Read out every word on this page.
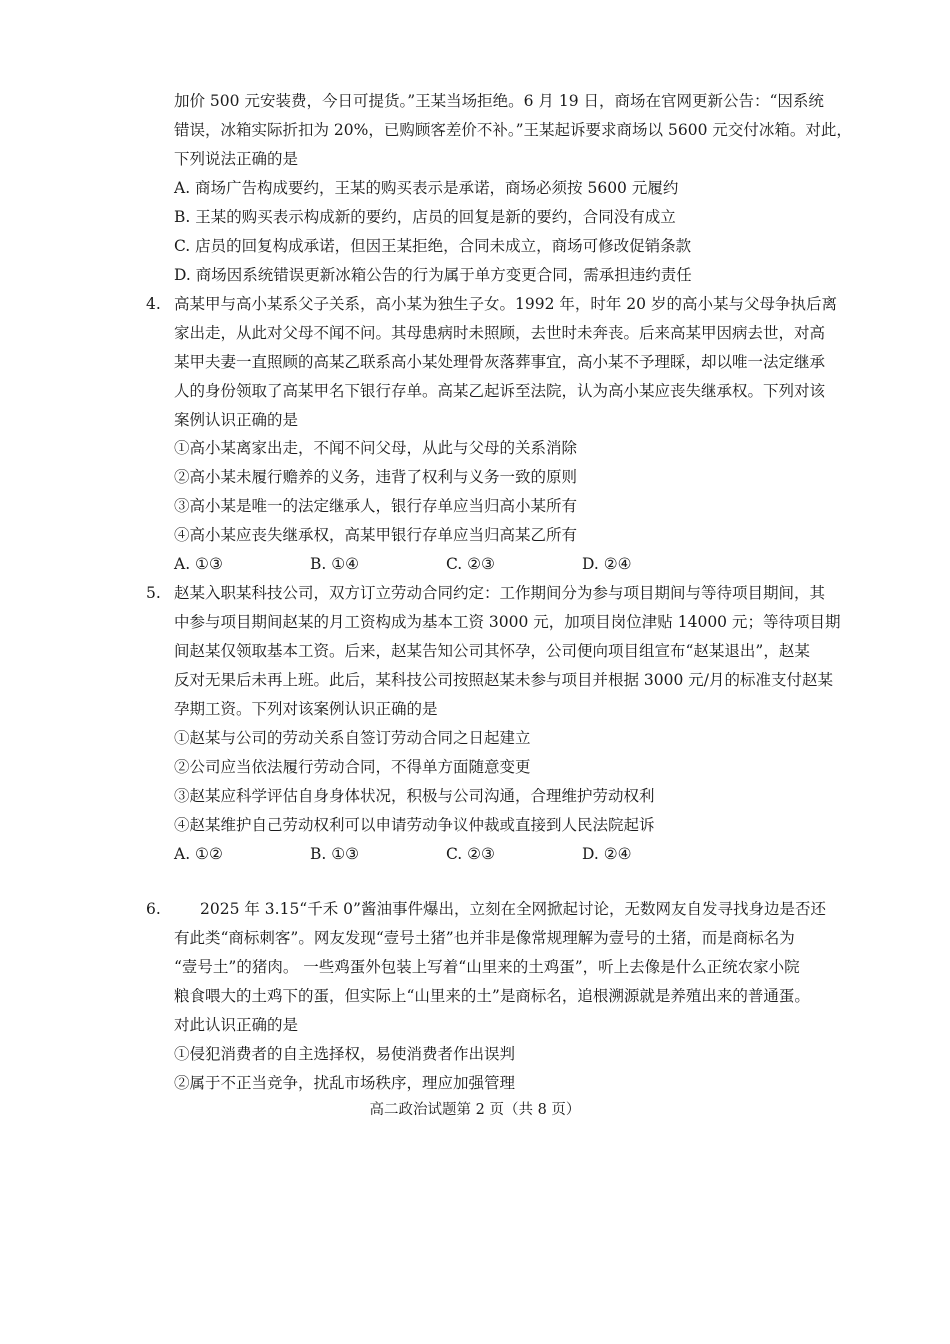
加价 500 元安装费，今日可提货。”王某当场拒绝。6 月 19 日，商场在官网更新公告：“因系统
错误，冰箱实际折扣为 20%，已购顾客差价不补。”王某起诉要求商场以 5600 元交付冰箱。对此，
下列说法正确的是
A. 商场广告构成要约，王某的购买表示是承诺，商场必须按 5600 元履约
B. 王某的购买表示构成新的要约，店员的回复是新的要约，合同没有成立
C. 店员的回复构成承诺，但因王某拒绝，合同未成立，商场可修改促销条款
D. 商场因系统错误更新冰箱公告的行为属于单方变更合同，需承担违约责任
4. 高某甲与高小某系父子关系，高小某为独生子女。1992 年，时年 20 岁的高小某与父母争执后离
家出走，从此对父母不闻不问。其母患病时未照顾，去世时未奔丧。后来高某甲因病去世，对高
某甲夫妻一直照顾的高某乙联系高小某处理骨灰落葬事宜，高小某不予理睬，却以唯一法定继承
人的身份领取了高某甲名下银行存单。高某乙起诉至法院，认为高小某应丧失继承权。下列对该
案例认识正确的是
①高小某离家出走，不闻不问父母，从此与父母的关系消除
②高小某未履行赡养的义务，违背了权利与义务一致的原则
③高小某是唯一的法定继承人，银行存单应当归高小某所有
④高小某应丧失继承权，高某甲银行存单应当归高某乙所有
A. ①③	B. ①④	C. ②③	D. ②④
5. 赵某入职某科技公司，双方订立劳动合同约定：工作期间分为参与项目期间与等待项目期间，其
中参与项目期间赵某的月工资构成为基本工资 3000 元，加项目岗位津贴 14000 元；等待项目期
间赵某仅领取基本工资。后来，赵某告知公司其怀孕，公司便向项目组宣布“赵某退出”，赵某
反对无果后未再上班。此后，某科技公司按照赵某未参与项目并根据 3000 元/月的标准支付赵某
孕期工资。下列对该案例认识正确的是
①赵某与公司的劳动关系自签订劳动合同之日起建立
②公司应当依法履行劳动合同，不得单方面随意变更
③赵某应科学评估自身身体状况，积极与公司沟通，合理维护劳动权利
④赵某维护自己劳动权利可以申请劳动争议仲裁或直接到人民法院起诉
A. ①②	B. ①③	C. ②③	D. ②④
6.	2025 年 3.15“千禾 0”酱油事件爆出，立刻在全网掀起讨论，无数网友自发寻找身边是否还
有此类“商标刺客”。网友发现“壹号土猪”也并非是像常规理解为壹号的土猪，而是商标名为
“壹号土”的猪肉。 一些鸡蛋外包装上写着“山里来的土鸡蛋”，听上去像是什么正统农家小院
粮食喂大的土鸡下的蛋，但实际上“山里来的土”是商标名，追根溯源就是养殖出来的普通蛋。
对此认识正确的是
①侵犯消费者的自主选择权，易使消费者作出误判
②属于不正当竞争，扰乱市场秩序，理应加强管理
高二政治试题第 2 页（共 8 页）
